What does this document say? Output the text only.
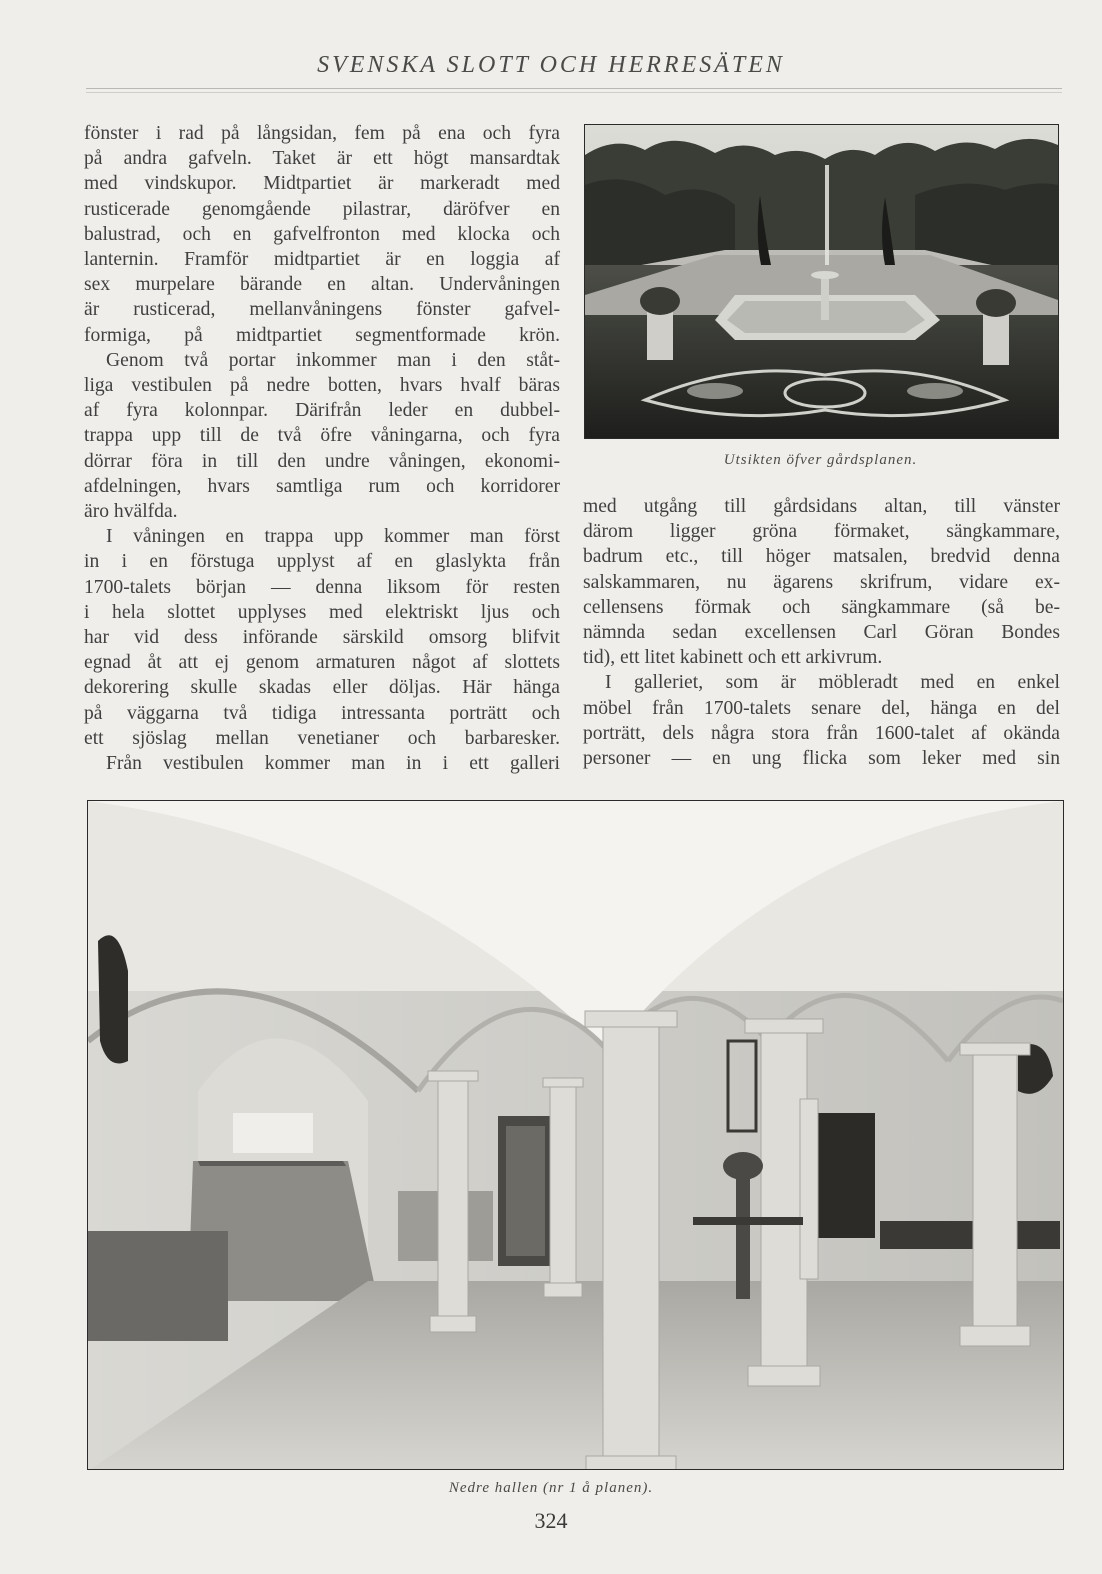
SVENSKA SLOTT OCH HERRESÄTEN

fönster i rad på långsidan, fem på ena och fyra

på andra gafveln. Taket är ett högt mansardtak

med vindskupor. Midtpartiet är markeradt med

rusticerade genomgående pilastrar, däröfver en

balustrad, och en gafvelfronton med klocka och

lanternin. Framför midtpartiet är en loggia af

sex murpelare bärande en altan. Undervåningen

är rusticerad, mellanvåningens fönster gafvel-

formiga, på midtpartiet segmentformade krön.

Genom två portar inkommer man i den ståt-

liga vestibulen på nedre botten, hvars hvalf bäras

af fyra kolonnpar. Därifrån leder en dubbel-

trappa upp till de två öfre våningarna, och fyra

dörrar föra in till den undre våningen, ekonomi-

afdelningen, hvars samtliga rum och korridorer

äro hvälfda.

I våningen en trappa upp kommer man först

in i en förstuga upplyst af en glaslykta från

1700-talets början — denna liksom för resten

i hela slottet upplyses med elektriskt ljus och

har vid dess införande särskild omsorg blifvit

egnad åt att ej genom armaturen något af slottets

dekorering skulle skadas eller döljas. Här hänga

på väggarna två tidiga intressanta porträtt och

ett sjöslag mellan venetianer och barbaresker.

Från vestibulen kommer man in i ett galleri

Utsikten öfver gårdsplanen.

med utgång till gårdsidans altan, till vänster

därom ligger gröna förmaket, sängkammare,

badrum etc., till höger matsalen, bredvid denna

salskammaren, nu ägarens skrifrum, vidare ex-

cellensens förmak och sängkammare (så be-

nämnda sedan excellensen Carl Göran Bondes

tid), ett litet kabinett och ett arkivrum.

I galleriet, som är möbleradt med en enkel

möbel från 1700-talets senare del, hänga en del

porträtt, dels några stora från 1600-talet af okända

personer — en ung flicka som leker med sin

Nedre hallen (nr 1 å planen).
324
